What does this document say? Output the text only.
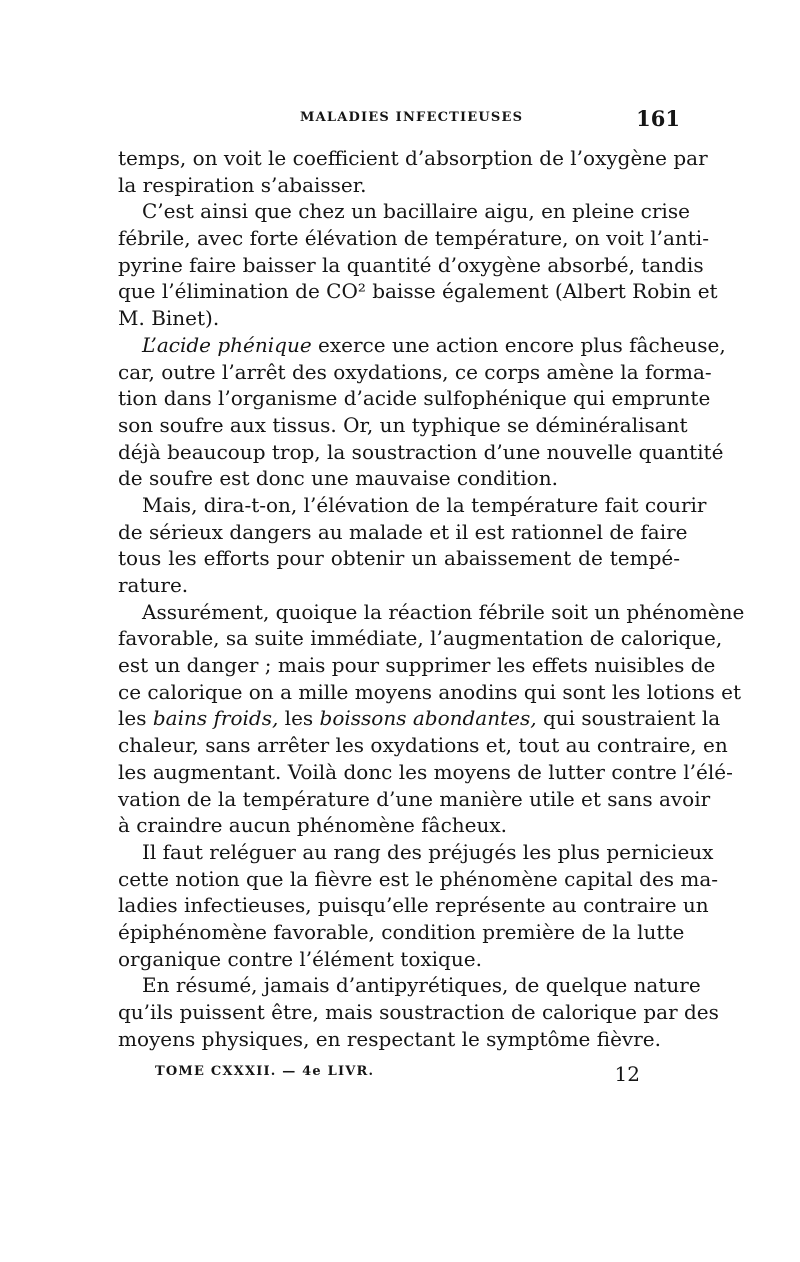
MALADIES INFECTIEUSES	161
temps, on voit le coefficient d’absorption de l’oxygène par
la respiration s’abaisser.
C’est ainsi que chez un bacillaire aigu, en pleine crise
fébrile, avec forte élévation de température, on voit l’anti-
pyrine faire baisser la quantité d’oxygène absorbé, tandis
que l’élimination de CO² baisse également (Albert Robin et
M. Binet).
L’acide phénique exerce une action encore plus fâcheuse,
car, outre l’arrêt des oxydations, ce corps amène la forma-
tion dans l’organisme d’acide sulfophénique qui emprunte
son soufre aux tissus. Or, un typhique se déminéralisant
déjà beaucoup trop, la soustraction d’une nouvelle quantité
de soufre est donc une mauvaise condition.
Mais, dira-t-on, l’élévation de la température fait courir
de sérieux dangers au malade et il est rationnel de faire
tous les efforts pour obtenir un abaissement de tempé-
rature.
Assurément, quoique la réaction fébrile soit un phénomène
favorable, sa suite immédiate, l’augmentation de calorique,
est un danger ; mais pour supprimer les effets nuisibles de
ce calorique on a mille moyens anodins qui sont les lotions et
les bains froids, les boissons abondantes, qui soustraient la
chaleur, sans arrêter les oxydations et, tout au contraire, en
les augmentant. Voilà donc les moyens de lutter contre l’élé-
vation de la température d’une manière utile et sans avoir
à craindre aucun phénomène fâcheux.
Il faut reléguer au rang des préjugés les plus pernicieux
cette notion que la fièvre est le phénomène capital des ma-
ladies infectieuses, puisqu’elle représente au contraire un
épiphénomène favorable, condition première de la lutte
organique contre l’élément toxique.
En résumé, jamais d’antipyrétiques, de quelque nature
qu’ils puissent être, mais soustraction de calorique par des
moyens physiques, en respectant le symptôme fièvre.
TOME CXXXII. — 4e LIVR.	12
